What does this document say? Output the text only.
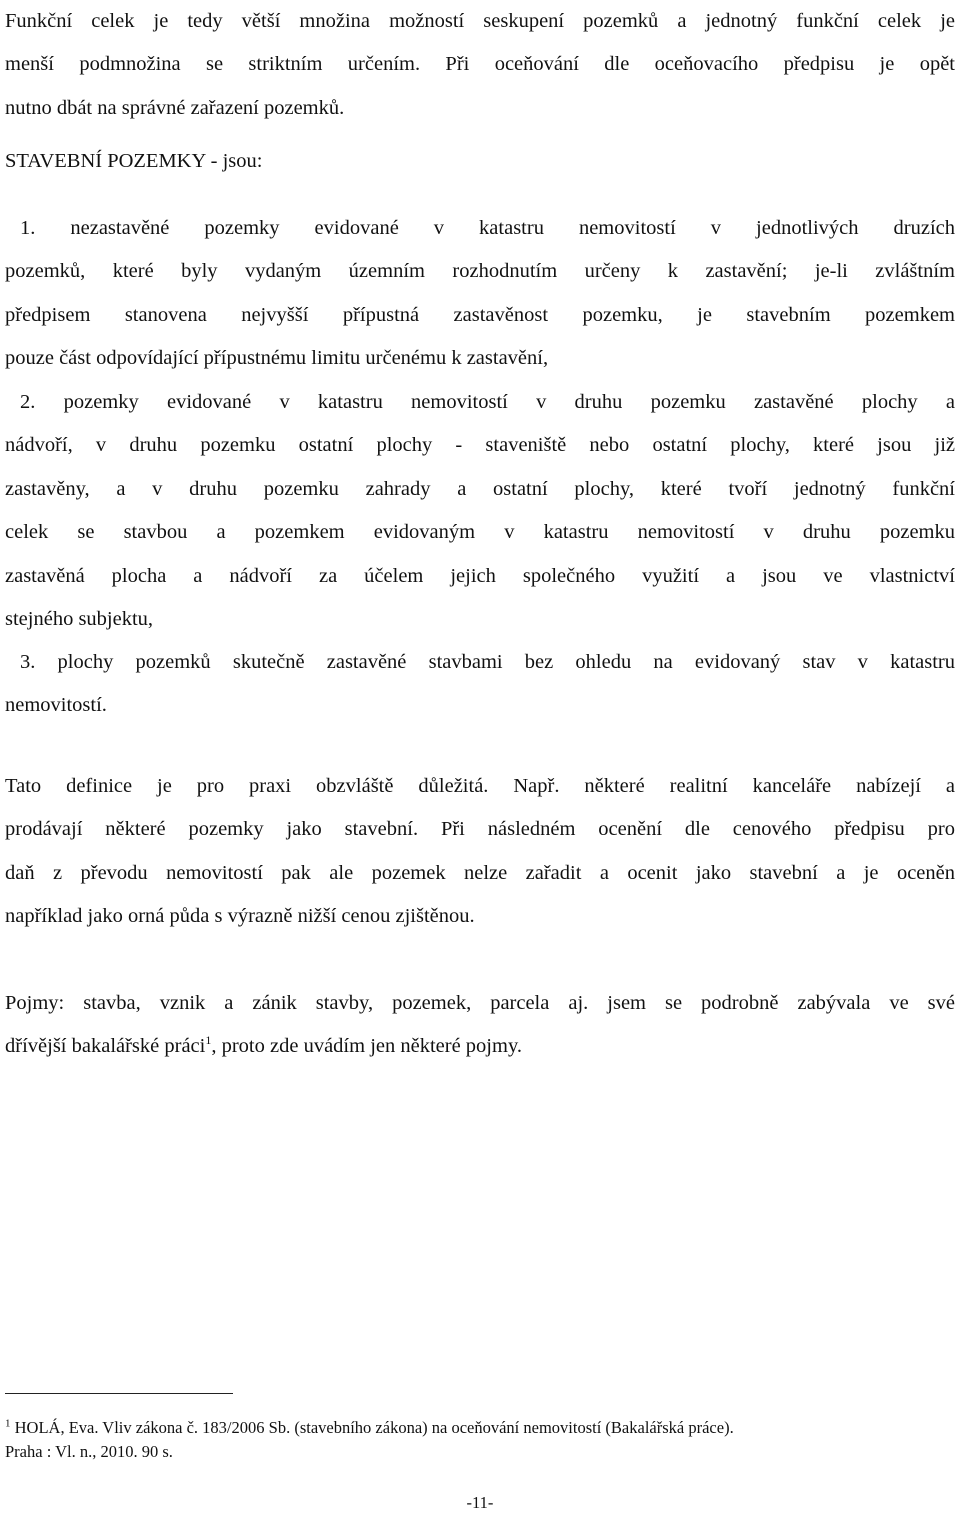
Funkční celek je tedy větší množina možností seskupení pozemků a jednotný funkční celek je
menší podmnožina se striktním určením. Při oceňování dle oceňovacího předpisu je opět
nutno dbát na správné zařazení pozemků.
STAVEBNÍ POZEMKY - jsou:
1. nezastavěné pozemky evidované v katastru nemovitostí v jednotlivých druzích
pozemků, které byly vydaným územním rozhodnutím určeny k zastavění; je-li zvláštním
předpisem stanovena nejvyšší přípustná zastavěnost pozemku, je stavebním pozemkem
pouze část odpovídající přípustnému limitu určenému k zastavění,
2. pozemky evidované v katastru nemovitostí v druhu pozemku zastavěné plochy a
nádvoří, v druhu pozemku ostatní plochy - staveniště nebo ostatní plochy, které jsou již
zastavěny, a v druhu pozemku zahrady a ostatní plochy, které tvoří jednotný funkční
celek se stavbou a pozemkem evidovaným v katastru nemovitostí v druhu pozemku
zastavěná plocha a nádvoří za účelem jejich společného využití a jsou ve vlastnictví
stejného subjektu,
3. plochy pozemků skutečně zastavěné stavbami bez ohledu na evidovaný stav v katastru
nemovitostí.
Tato definice je pro praxi obzvláště důležitá. Např. některé realitní kanceláře nabízejí a
prodávají některé pozemky jako stavební. Při následném ocenění dle cenového předpisu pro
daň z převodu nemovitostí pak ale pozemek nelze zařadit a ocenit jako stavební a je oceněn
například jako orná půda s výrazně nižší cenou zjištěnou.
Pojmy: stavba, vznik a zánik stavby, pozemek, parcela aj. jsem se podrobně zabývala ve své
dřívější bakalářské práci$^1$, proto zde uvádím jen některé pojmy.
$^1$ HOLÁ, Eva. Vliv zákona č. 183/2006 Sb. (stavebního zákona) na oceňování nemovitostí (Bakalářská práce).
Praha : Vl. n., 2010. 90 s.
-11-
